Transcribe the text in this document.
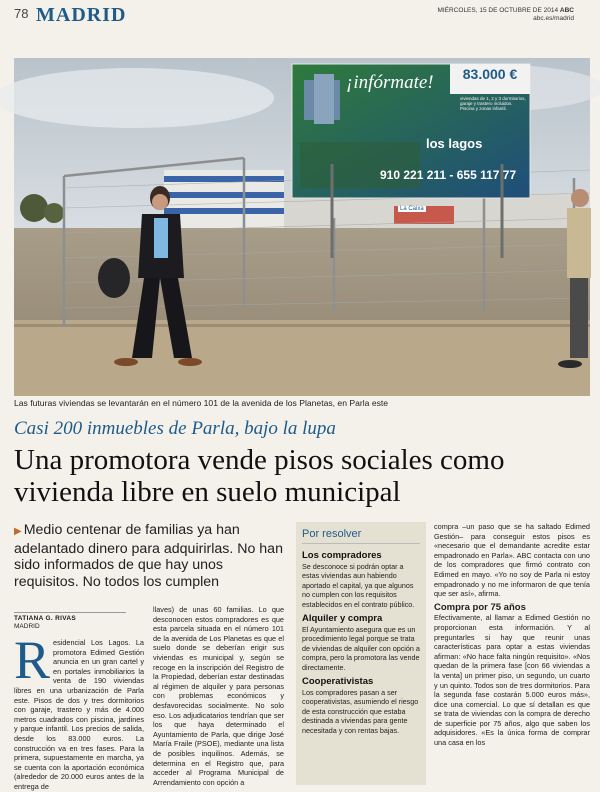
78 MADRID	MIÉRCOLES, 15 DE OCTUBRE DE 2014 ABC
abc.es/madrid
83.000 €
¡infórmate!
viviendas de 1, 2 y 3 dormitorios, garaje y trastero incluidos. Piscina y zonas infantil.
los lagos
910 221 211 - 655 117 77
La Caixa
Las futuras viviendas se levantarán en el número 101 de la avenida de los Planetas, en Parla este
Casi 200 inmuebles de Parla, bajo la lupa
Una promotora vende pisos sociales como vivienda libre en suelo municipal
▶ Medio centenar de familias ya han adelantado dinero para adquirirlas. No han sido informados de que hay unos requisitos. No todos los cumplen
TATIANA G. RIVAS
MADRID
Residencial Los Lagos. La promotora Edimed Gestión anuncia en un gran cartel y en portales inmobiliarios la venta de 190 viviendas libres en una urbanización de Parla este. Pisos de dos y tres dormitorios con garaje, trastero y más de 4.000 metros cuadrados con piscina, jardines y parque infantil. Los precios de salida, desde los 83.000 euros. La construcción va en tres fases. Para la primera, supuestamente en marcha, ya se cuenta con la aportación económica (alrededor de 20.000 euros antes de la entrega de
llaves) de unas 60 familias. Lo que desconocen estos compradores es que esta parcela situada en el número 101 de la avenida de Los Planetas es que el suelo donde se deberían erigir sus viviendas es municipal y, según se recoge en la inscripción del Registro de la Propiedad, deberían estar destinadas al régimen de alquiler y para personas con problemas económicos y desfavorecidas socialmente. No solo eso. Los adjudicatarios tendrían que ser los que haya determinado el Ayuntamiento de Parla, que dirige José María Fraile (PSOE), mediante una lista de posibles inquilinos. Además, se determina en el Registro que, para acceder al Programa Municipal de Arrendamiento con opción a
Por resolver
Los compradores

Se desconoce si podrán optar a estas viviendas aun habiendo aportado el capital, ya que algunos no cumplen con los requisitos establecidos en el contrato público.

Alquiler y compra

El Ayuntamiento asegura que es un procedimiento legal porque se trata de viviendas de alquiler con opción a compra, pero la promotora las vende directamente.

Cooperativistas

Los compradores pasan a ser cooperativistas, asumiendo el riesgo de esta construcción que estaba destinada a viviendas para gente necesitada y con rentas bajas.

compra –un paso que se ha saltado Edimed Gestión– para conseguir estos pisos es «necesario que el demandante acredite estar empadronado en Parla». ABC contacta con uno de los compradores que firmó contrato con Edimed en mayo. «Yo no soy de Parla ni estoy empadronado y no me informaron de que tenía que ser así», afirma.

Compra por 75 años

Efectivamente, al llamar a Edimed Gestión no proporcionan esta información. Y al preguntarles si hay que reunir unas características para optar a estas viviendas afirman: «No hace falta ningún requisito». «Nos quedan de la primera fase [con 66 viviendas a la venta] un primer piso, un segundo, un cuarto y un quinto. Todos son de tres dormitorios. Para la segunda fase costarán 5.000 euros más», dice una comercial. Lo que sí detallan es que se trata de viviendas con la compra de derecho de superficie por 75 años, algo que saben los adquisidores. «Es la única forma de comprar una casa en los
